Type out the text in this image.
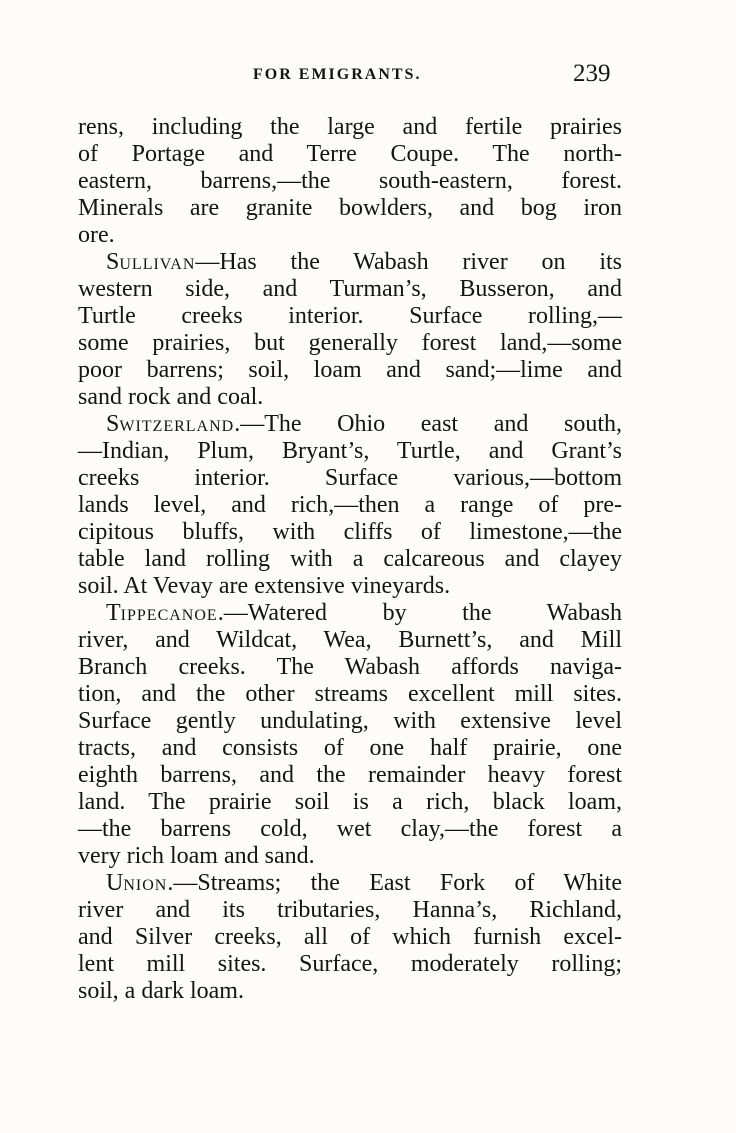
FOR EMIGRANTS.	239
rens, including the large and fertile prairies
of Portage and Terre Coupe. The north-
eastern, barrens,—the south-eastern, forest.
Minerals are granite bowlders, and bog iron
ore.
SULLIVAN—Has the Wabash river on its
western side, and Turman’s, Busseron, and
Turtle creeks interior. Surface rolling,—
some prairies, but generally forest land,—some
poor barrens; soil, loam and sand;—lime and
sand rock and coal.
SWITZERLAND.—The Ohio east and south,
—Indian, Plum, Bryant’s, Turtle, and Grant’s
creeks interior. Surface various,—bottom
lands level, and rich,—then a range of pre-
cipitous bluffs, with cliffs of limestone,—the
table land rolling with a calcareous and clayey
soil. At Vevay are extensive vineyards.
TIPPECANOE.—Watered by the Wabash
river, and Wildcat, Wea, Burnett’s, and Mill
Branch creeks. The Wabash affords naviga-
tion, and the other streams excellent mill sites.
Surface gently undulating, with extensive level
tracts, and consists of one half prairie, one
eighth barrens, and the remainder heavy forest
land. The prairie soil is a rich, black loam,
—the barrens cold, wet clay,—the forest a
very rich loam and sand.
UNION.—Streams; the East Fork of White
river and its tributaries, Hanna’s, Richland,
and Silver creeks, all of which furnish excel-
lent mill sites. Surface, moderately rolling;
soil, a dark loam.
